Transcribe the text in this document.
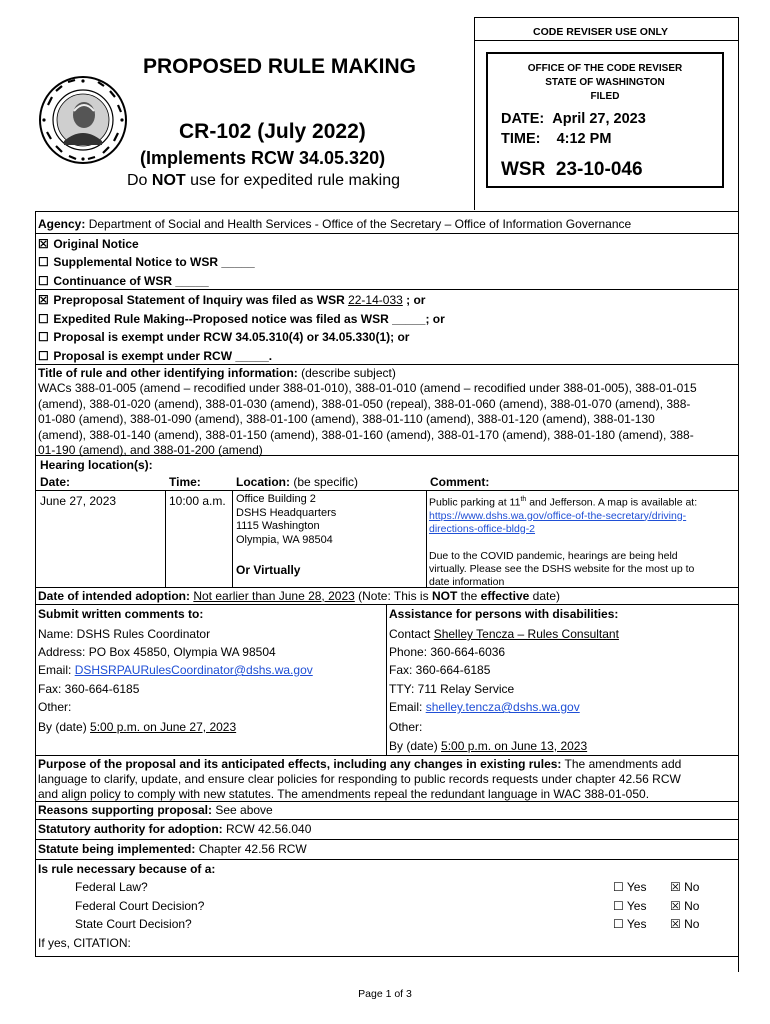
CODE REVISER USE ONLY
PROPOSED RULE MAKING
CR-102 (July 2022)
(Implements RCW 34.05.320)
Do NOT use for expedited rule making
OFFICE OF THE CODE REVISER
STATE OF WASHINGTON
FILED
DATE: April 27, 2023
TIME: 4:12 PM
WSR 23-10-046
Agency: Department of Social and Health Services - Office of the Secretary – Office of Information Governance
☒ Original Notice
☐ Supplemental Notice to WSR _____
☐ Continuance of WSR _____
☒ Preproposal Statement of Inquiry was filed as WSR 22-14-033 ; or
☐ Expedited Rule Making--Proposed notice was filed as WSR _____; or
☐ Proposal is exempt under RCW 34.05.310(4) or 34.05.330(1); or
☐ Proposal is exempt under RCW _____.
Title of rule and other identifying information: (describe subject)
WACs 388-01-005 (amend – recodified under 388-01-010), 388-01-010 (amend – recodified under 388-01-005), 388-01-015
(amend), 388-01-020 (amend), 388-01-030 (amend), 388-01-050 (repeal), 388-01-060 (amend), 388-01-070 (amend), 388-
01-080 (amend), 388-01-090 (amend), 388-01-100 (amend), 388-01-110 (amend), 388-01-120 (amend), 388-01-130
(amend), 388-01-140 (amend), 388-01-150 (amend), 388-01-160 (amend), 388-01-170 (amend), 388-01-180 (amend), 388-
01-190 (amend), and 388-01-200 (amend)
Hearing location(s):
Date:	Time:	Location: (be specific)	Comment:
June 27, 2023	10:00 a.m. Office Building 2
DSHS Headquarters
1115 Washington
Olympia, WA 98504
Or Virtually
Public parking at 11th and Jefferson. A map is available at:
https://www.dshs.wa.gov/office-of-the-secretary/driving-
directions-office-bldg-2
Due to the COVID pandemic, hearings are being held
virtually. Please see the DSHS website for the most up to
date information
Date of intended adoption: Not earlier than June 28, 2023 (Note: This is NOT the effective date)
Submit written comments to:
Name: DSHS Rules Coordinator
Address: PO Box 45850, Olympia WA 98504
Email: DSHSRPAURulesCoordinator@dshs.wa.gov
Fax: 360-664-6185
Other:
By (date) 5:00 p.m. on June 27, 2023
Assistance for persons with disabilities:
Contact Shelley Tencza – Rules Consultant
Phone: 360-664-6036
Fax: 360-664-6185
TTY: 711 Relay Service
Email: shelley.tencza@dshs.wa.gov
Other:
By (date) 5:00 p.m. on June 13, 2023
Purpose of the proposal and its anticipated effects, including any changes in existing rules: The amendments add
language to clarify, update, and ensure clear policies for responding to public records requests under chapter 42.56 RCW
and align policy to comply with new statutes. The amendments repeal the redundant language in WAC 388-01-050.
Reasons supporting proposal: See above
Statutory authority for adoption: RCW 42.56.040
Statute being implemented: Chapter 42.56 RCW
Is rule necessary because of a:
Federal Law?	☐ Yes ☒ No
Federal Court Decision?	☐ Yes ☒ No
State Court Decision?	☐ Yes ☒ No
If yes, CITATION:
Page 1 of 3
